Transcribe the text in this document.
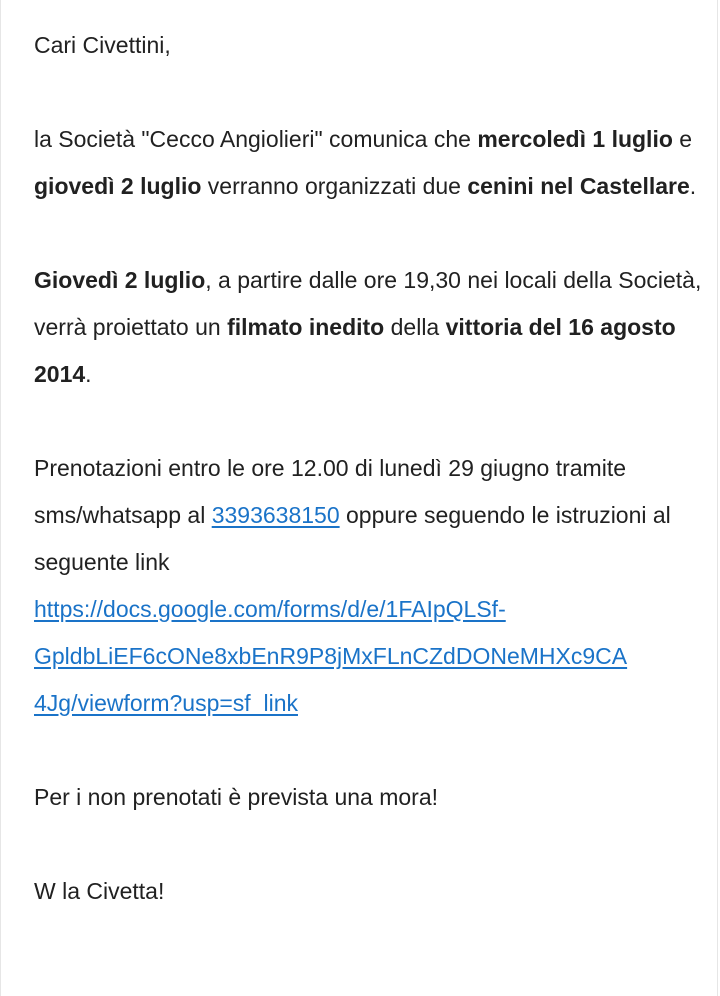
Cari Civettini,

la Società "Cecco Angiolieri" comunica che mercoledì 1 luglio e giovedì 2 luglio verranno organizzati due cenini nel Castellare.

Giovedì 2 luglio, a partire dalle ore 19,30 nei locali della Società, verrà proiettato un filmato inedito della vittoria del 16 agosto 2014.

Prenotazioni entro le ore 12.00 di lunedì 29 giugno tramite sms/whatsapp al 3393638150 oppure seguendo le istruzioni al seguente link
https://docs.google.com/forms/d/e/1FAIpQLSf-
GpldbLiEF6cONe8xbEnR9P8jMxFLnCZdDONeMHXc9CA
4Jg/viewform?usp=sf_link

Per i non prenotati è prevista una mora!

W la Civetta!
